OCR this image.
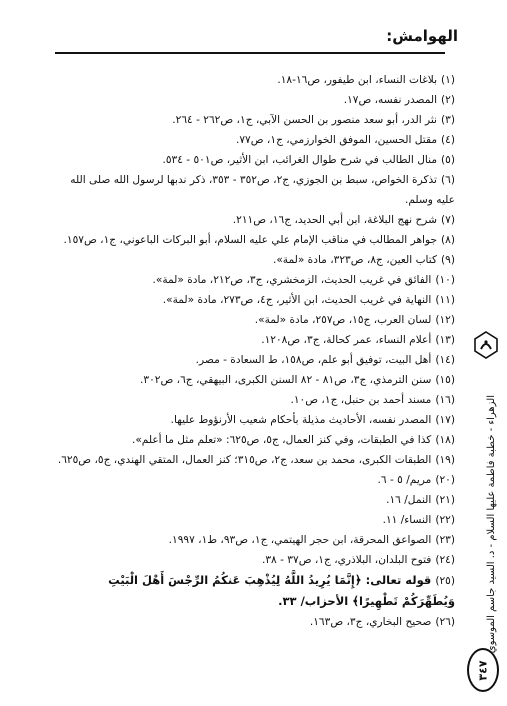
الهوامش:
(١)بلاغات النساء، ابن طيفور، ص١٦-١٨.
(٢)المصدر نفسه، ص١٧.
(٣)نثر الدر، أبو سعد منصور بن الحسن الآبي، ج١، ص٢٦٢ - ٢٦٤.
(٤)مقتل الحسين، الموفق الخوارزمي، ج١، ص٧٧.
(٥)منال الطالب في شرح طوال الغرائب، ابن الأثير، ص٥٠١ - ٥٣٤.
(٦)تذكرة الخواص، سبط بن الجوزي، ج٢، ص٣٥٢ - ٣٥٣، ذكر ندبها لرسول الله صلى الله عليه وسلم.
(٧)شرح نهج البلاغة، ابن أبي الحديد، ج١٦، ص٢١١.
(٨)جواهر المطالب في مناقب الإمام علي عليه السلام، أبو البركات الباعوني، ج١، ص١٥٧.
(٩)كتاب العين، ج٨، ص٣٢٣، مادة «لمة».
(١٠)الفائق في غريب الحديث، الزمخشري، ج٣، ص٢١٢، مادة «لمة».
(١١)النهاية في غريب الحديث، ابن الأثير، ج٤، ص٢٧٣، مادة «لمة».
(١٢)لسان العرب، ج١٥، ص٢٥٧، مادة «لمة».
(١٣)أعلام النساء، عمر كحالة، ج٣، ص١٢٠٨.
(١٤)أهل البيت، توفيق أبو علم، ص١٥٨، ط السعادة - مصر.
(١٥)سنن الترمذي، ج٣، ص٨١ - ٨٢ السنن الكبرى، البيهقي، ج٦، ص٣٠٢.
(١٦)مسند أحمد بن حنبل، ج١، ص١٠.
(١٧)المصدر نفسه، الأحاديث مذيلة بأحكام شعيب الأرنؤوط عليها.
(١٨)كذا في الطبقات، وفي كنز العمال، ج٥، ص٦٢٥: «تعلم مثل ما أعلم».
(١٩)الطبقات الكبرى، محمد بن سعد، ج٢، ص٣١٥؛ كنز العمال، المتقي الهندي، ج٥، ص٦٢٥.
(٢٠)مريم/ ٥ - ٦.
(٢١)النمل/ ١٦.
(٢٢)النساء/ ١١.
(٢٣)الصواعق المحرقة، ابن حجر الهيتمي، ج١، ص٩٣، ط١، ١٩٩٧.
(٢٤)فتوح البلدان، البلاذري، ج١، ص٣٧ - ٣٨.
(٢٥)قوله تعالى: ﴿إِنَّمَا يُرِيدُ اللَّهُ لِيُذْهِبَ عَنكُمُ الرِّجْسَ أَهْلَ الْبَيْتِ وَيُطَهِّرَكُمْ تَطْهِيرًا﴾ الأحزاب/ ٣٣.
(٢٦)صحيح البخاري، ج٣، ص١٦٣.	الزهراء - خطبة فاطمة عليها السلام - د. السيد جاسم الموسوي
٣٤٧
